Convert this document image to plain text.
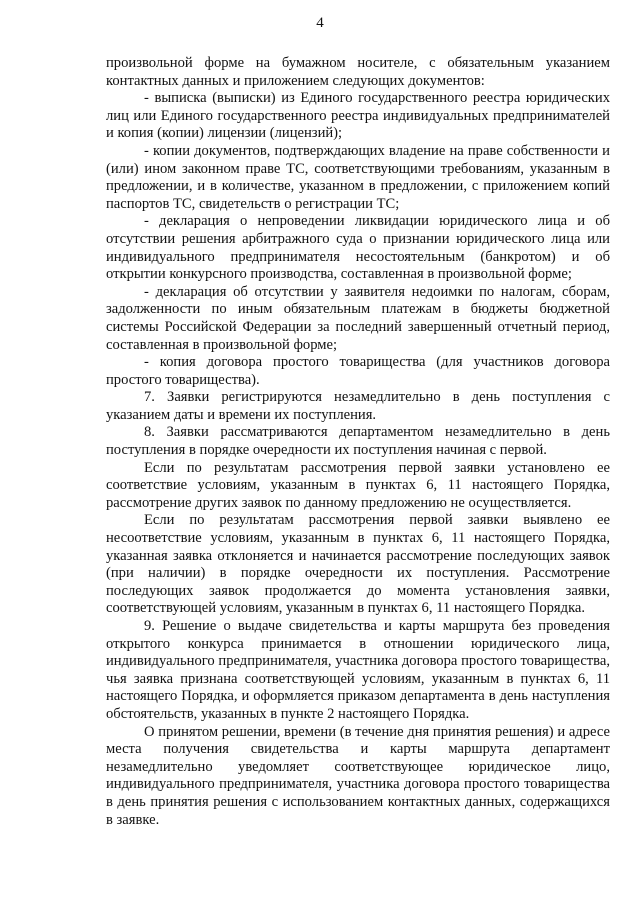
4

произвольной форме на бумажном носителе, с обязательным указанием контактных данных и приложением следующих документов:

- выписка (выписки) из Единого государственного реестра юридических лиц или Единого государственного реестра индивидуальных предпринимателей и копия (копии) лицензии (лицензий);

- копии документов, подтверждающих владение на праве собственности и (или) ином законном праве ТС, соответствующими требованиям, указанным в предложении, и в количестве, указанном в предложении, с приложением копий паспортов ТС, свидетельств о регистрации ТС;

- декларация о непроведении ликвидации юридического лица и об отсутствии решения арбитражного суда о признании юридического лица или индивидуального предпринимателя несостоятельным (банкротом) и об открытии конкурсного производства, составленная в произвольной форме;

- декларация об отсутствии у заявителя недоимки по налогам, сборам, задолженности по иным обязательным платежам в бюджеты бюджетной системы Российской Федерации за последний завершенный отчетный период, составленная в произвольной форме;

- копия договора простого товарищества (для участников договора простого товарищества).

7. Заявки регистрируются незамедлительно в день поступления с указанием даты и времени их поступления.

8. Заявки рассматриваются департаментом незамедлительно в день поступления в порядке очередности их поступления начиная с первой.

Если по результатам рассмотрения первой заявки установлено ее соответствие условиям, указанным в пунктах 6, 11 настоящего Порядка, рассмотрение других заявок по данному предложению не осуществляется.

Если по результатам рассмотрения первой заявки выявлено ее несоответствие условиям, указанным в пунктах 6, 11 настоящего Порядка, указанная заявка отклоняется и начинается рассмотрение последующих заявок (при наличии) в порядке очередности их поступления. Рассмотрение последующих заявок продолжается до момента установления заявки, соответствующей условиям, указанным в пунктах 6, 11 настоящего Порядка.

9. Решение о выдаче свидетельства и карты маршрута без проведения открытого конкурса принимается в отношении юридического лица, индивидуального предпринимателя, участника договора простого товарищества, чья заявка признана соответствующей условиям, указанным в пунктах 6, 11 настоящего Порядка, и оформляется приказом департамента в день наступления обстоятельств, указанных в пункте 2 настоящего Порядка.

О принятом решении, времени (в течение дня принятия решения) и адресе места получения свидетельства и карты маршрута департамент незамедлительно уведомляет соответствующее юридическое лицо, индивидуального предпринимателя, участника договора простого товарищества в день принятия решения с использованием контактных данных, содержащихся в заявке.
